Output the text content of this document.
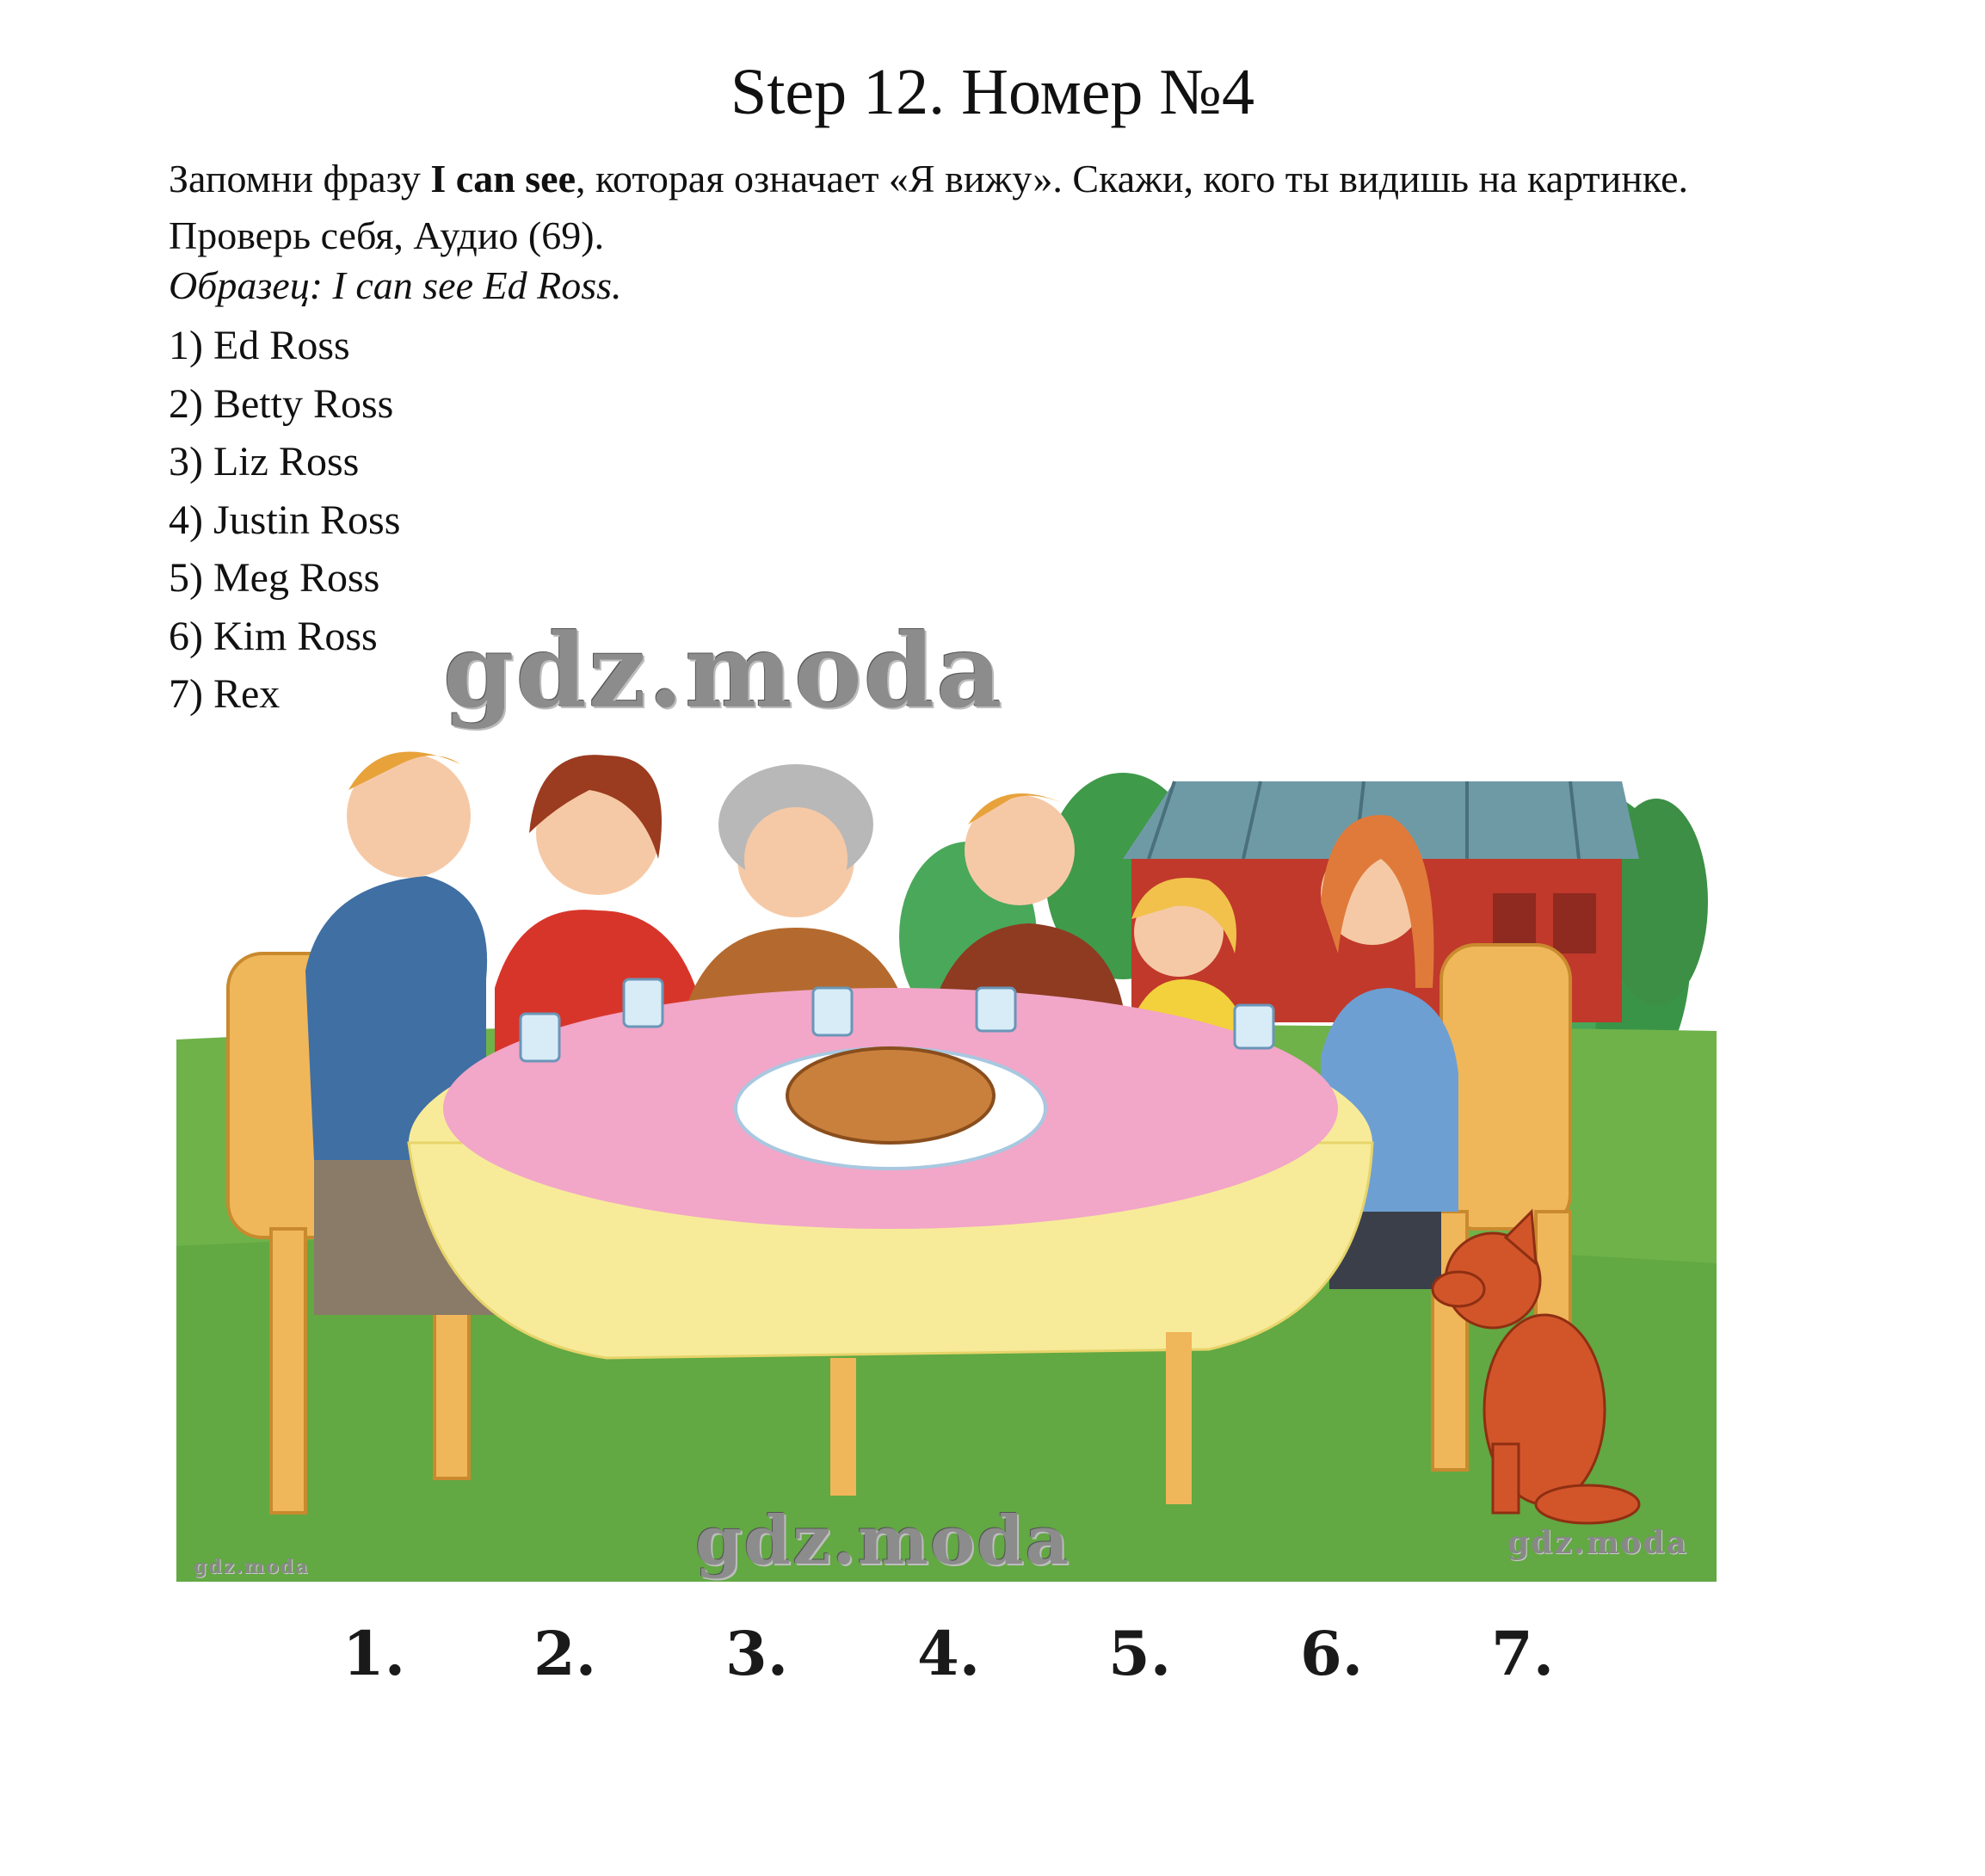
Step 12. Номер №4
Запомни фразу I can see, которая означает «Я вижу». Скажи, кого ты видишь на картинке. Проверь себя, Аудио (69).
Образец: I can see Ed Ross.
1) Ed Ross
2) Betty Ross
3) Liz Ross
4) Justin Ross
5) Meg Ross
6) Kim Ross
7) Rex	gdz.moda
gdz.moda
gdz.moda
gdz.moda
1. 2. 3. 4. 5. 6. 7.
